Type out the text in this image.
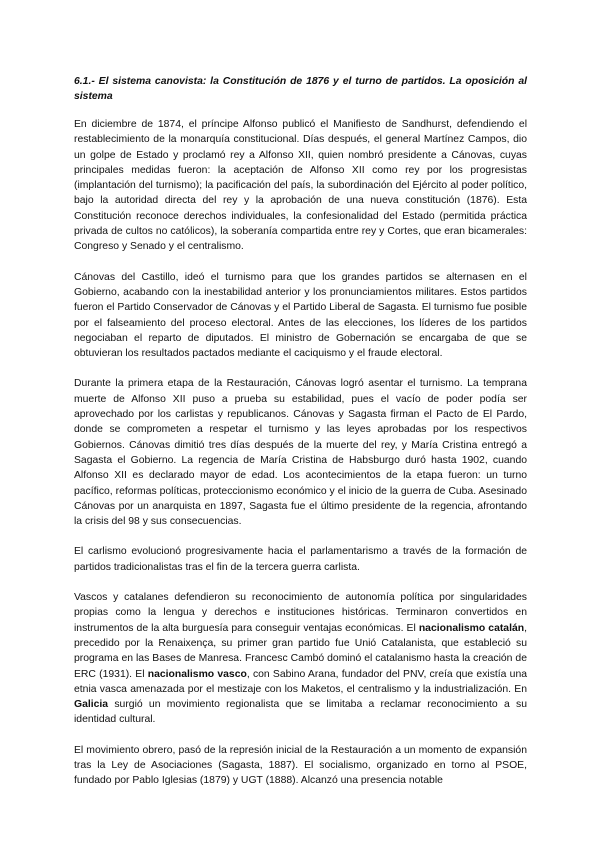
6.1.- El sistema canovista: la Constitución de 1876 y el turno de partidos. La oposición al sistema

En diciembre de 1874, el príncipe Alfonso publicó el Manifiesto de Sandhurst, defendiendo el restablecimiento de la monarquía constitucional. Días después, el general Martínez Campos, dio un golpe de Estado y proclamó rey a Alfonso XII, quien nombró presidente a Cánovas, cuyas principales medidas fueron: la aceptación de Alfonso XII como rey por los progresistas (implantación del turnismo); la pacificación del país, la subordinación del Ejército al poder político, bajo la autoridad directa del rey y la aprobación de una nueva constitución (1876). Esta Constitución reconoce derechos individuales, la confesionalidad del Estado (permitida práctica privada de cultos no católicos), la soberanía compartida entre rey y Cortes, que eran bicamerales: Congreso y Senado y el centralismo.

Cánovas del Castillo, ideó el turnismo para que los grandes partidos se alternasen en el Gobierno, acabando con la inestabilidad anterior y los pronunciamientos militares. Estos partidos fueron el Partido Conservador de Cánovas y el Partido Liberal de Sagasta. El turnismo fue posible por el falseamiento del proceso electoral. Antes de las elecciones, los líderes de los partidos negociaban el reparto de diputados. El ministro de Gobernación se encargaba de que se obtuvieran los resultados pactados mediante el caciquismo y el fraude electoral.

Durante la primera etapa de la Restauración, Cánovas logró asentar el turnismo. La temprana muerte de Alfonso XII puso a prueba su estabilidad, pues el vacío de poder podía ser aprovechado por los carlistas y republicanos. Cánovas y Sagasta firman el Pacto de El Pardo, donde se comprometen a respetar el turnismo y las leyes aprobadas por los respectivos Gobiernos. Cánovas dimitió tres días después de la muerte del rey, y María Cristina entregó a Sagasta el Gobierno. La regencia de María Cristina de Habsburgo duró hasta 1902, cuando Alfonso XII es declarado mayor de edad. Los acontecimientos de la etapa fueron: un turno pacífico, reformas políticas, proteccionismo económico y el inicio de la guerra de Cuba. Asesinado Cánovas por un anarquista en 1897, Sagasta fue el último presidente de la regencia, afrontando la crisis del 98 y sus consecuencias.

El carlismo evolucionó progresivamente hacia el parlamentarismo a través de la formación de partidos tradicionalistas tras el fin de la tercera guerra carlista.

Vascos y catalanes defendieron su reconocimiento de autonomía política por singularidades propias como la lengua y derechos e instituciones históricas. Terminaron convertidos en instrumentos de la alta burguesía para conseguir ventajas económicas. El nacionalismo catalán, precedido por la Renaixença, su primer gran partido fue Unió Catalanista, que estableció su programa en las Bases de Manresa. Francesc Cambó dominó el catalanismo hasta la creación de ERC (1931). El nacionalismo vasco, con Sabino Arana, fundador del PNV, creía que existía una etnia vasca amenazada por el mestizaje con los Maketos, el centralismo y la industrialización. En Galicia surgió un movimiento regionalista que se limitaba a reclamar reconocimiento a su identidad cultural.

El movimiento obrero, pasó de la represión inicial de la Restauración a un momento de expansión tras la Ley de Asociaciones (Sagasta, 1887). El socialismo, organizado en torno al PSOE, fundado por Pablo Iglesias (1879) y UGT (1888). Alcanzó una presencia notable
